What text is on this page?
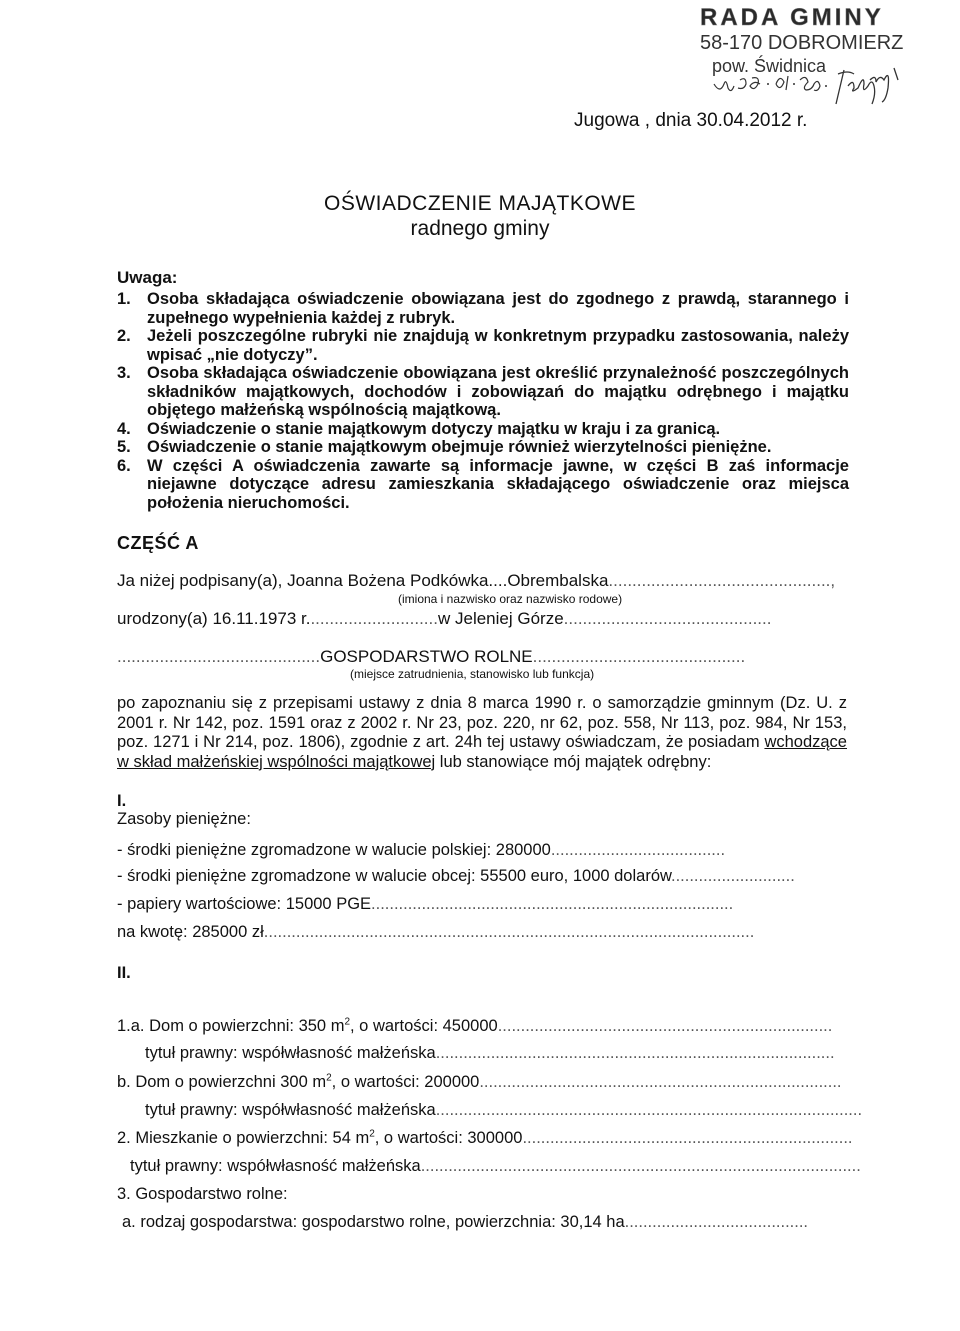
RADA GMINY
58-170 DOBROMIERZ
pow. Świdnica
Jugowa , dnia 30.04.2012 r.
OŚWIADCZENIE MAJĄTKOWE
radnego gminy
Uwaga:
1. Osoba składająca oświadczenie obowiązana jest do zgodnego z prawdą, starannego i zupełnego wypełnienia każdej z rubryk.
2. Jeżeli poszczególne rubryki nie znajdują w konkretnym przypadku zastosowania, należy wpisać „nie dotyczy”.
3. Osoba składająca oświadczenie obowiązana jest określić przynależność poszczególnych składników majątkowych, dochodów i zobowiązań do majątku odrębnego i majątku objętego małżeńską wspólnością majątkową.
4. Oświadczenie o stanie majątkowym dotyczy majątku w kraju i za granicą.
5. Oświadczenie o stanie majątkowym obejmuje również wierzytelności pieniężne.
6. W części A oświadczenia zawarte są informacje jawne, w części B zaś informacje niejawne dotyczące adresu zamieszkania składającego oświadczenie oraz miejsca położenia nieruchomości.
CZĘŚĆ A
Ja niżej podpisany(a), Joanna Bożena Podkówka....Obrembalska...............................................,
(imiona i nazwisko oraz nazwisko rodowe)
urodzony(a) 16.11.1973 r............................w Jeleniej Górze............................................
...........................................GOSPODARSTWO ROLNE.............................................
(miejsce zatrudnienia, stanowisko lub funkcja)
po zapoznaniu się z przepisami ustawy z dnia 8 marca 1990 r. o samorządzie gminnym (Dz. U. z 2001 r. Nr 142, poz. 1591 oraz z 2002 r. Nr 23, poz. 220, nr 62, poz. 558, Nr 113, poz. 984, Nr 153, poz. 1271 i Nr 214, poz. 1806), zgodnie z art. 24h tej ustawy oświadczam, że posiadam wchodzące w skład małżeńskiej wspólności majątkowej lub stanowiące mój majątek odrębny:
I.
Zasoby pieniężne:
- środki pieniężne zgromadzone w walucie polskiej: 280000......................................
- środki pieniężne zgromadzone w walucie obcej: 55500 euro, 1000 dolarów...........................
- papiery wartościowe: 15000 PGE...............................................................................
na kwotę: 285000 zł...........................................................................................................
II.
1.a. Dom o powierzchni: 350 $m^2$, o wartości: 450000.........................................................................
tytuł prawny: współwłasność małżeńska.......................................................................................
b. Dom o powierzchni 300 $m^2$, o wartości: 200000...............................................................................
tytuł prawny: współwłasność małżeńska.............................................................................................
2. Mieszkanie o powierzchni: 54 $m^2$, o wartości: 300000........................................................................
tytuł prawny: współwłasność małżeńska................................................................................................
3. Gospodarstwo rolne:
a. rodzaj gospodarstwa: gospodarstwo rolne, powierzchnia: 30,14 ha........................................
